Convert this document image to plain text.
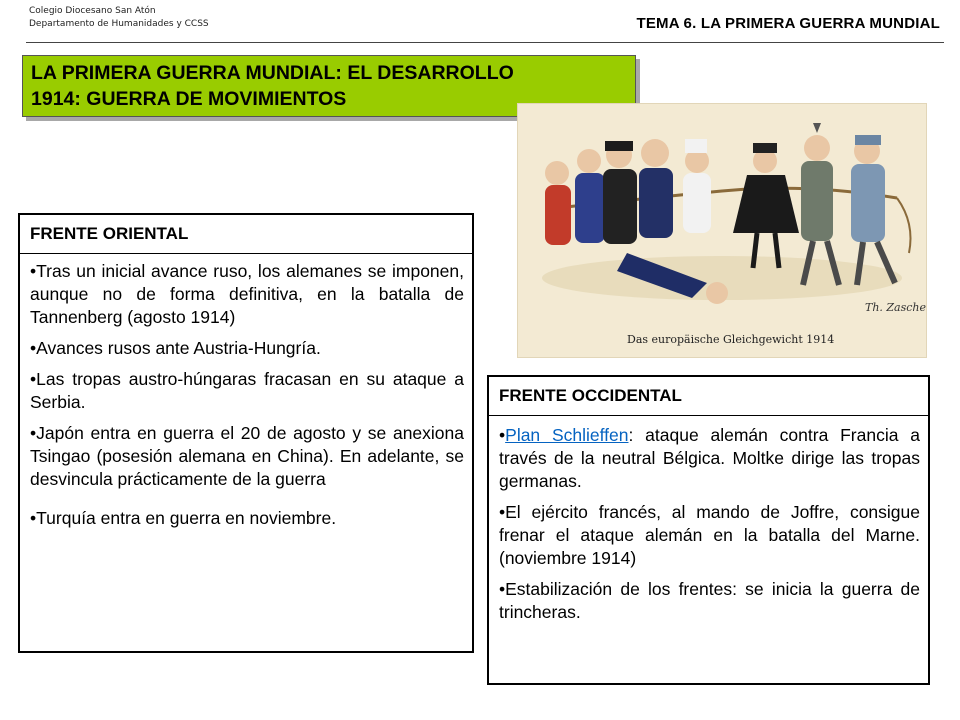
Colegio Diocesano San Atón
Departamento de Humanidades y CCSS	TEMA 6. LA PRIMERA GUERRA MUNDIAL
LA PRIMERA GUERRA MUNDIAL: EL DESARROLLO
1914: GUERRA DE MOVIMIENTOS
Th. Zasche
Das europäische Gleichgewicht 1914
FRENTE ORIENTAL

•Tras un inicial avance ruso, los alemanes se imponen, aunque no de forma definitiva, en la batalla de Tannenberg (agosto 1914)

•Avances rusos ante Austria-Hungría.

•Las tropas austro-húngaras fracasan en su ataque a Serbia.

•Japón entra en guerra el 20 de agosto y se anexiona Tsingao (posesión alemana en China). En adelante, se desvincula prácticamente de la guerra

•Turquía entra en guerra en noviembre.

FRENTE OCCIDENTAL

•Plan Schlieffen: ataque alemán contra Francia a través de la neutral Bélgica. Moltke dirige las tropas germanas.

•El ejército francés, al mando de Joffre, consigue frenar el ataque alemán en la batalla del Marne. (noviembre 1914)

•Estabilización de los frentes: se inicia la guerra de trincheras.
